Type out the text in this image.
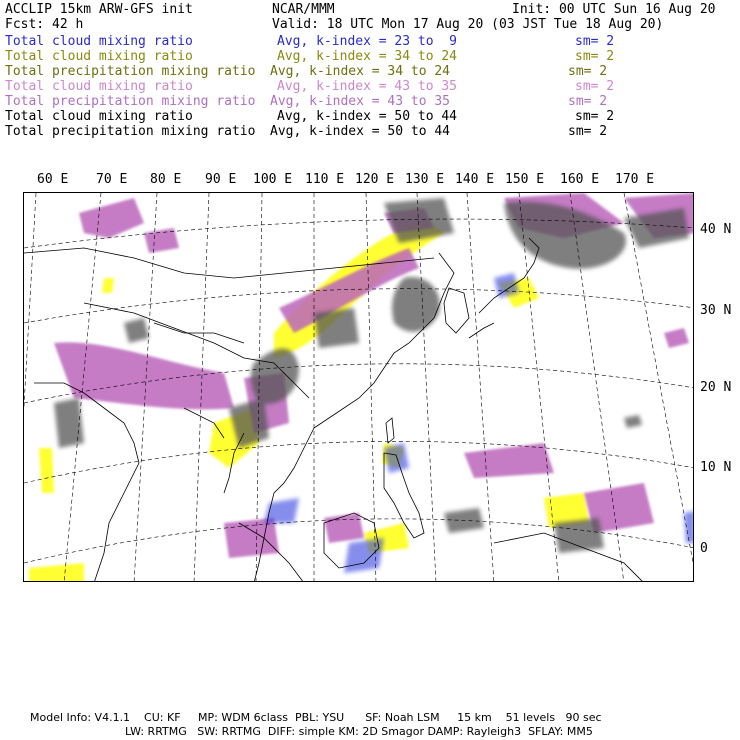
ACCLIP 15km ARW-GFS init	NCAR/MMM	Init: 00 UTC Sun 16 Aug 20
Fcst: 42 h	Valid: 18 UTC Mon 17 Aug 20 (03 JST Tue 18 Aug 20)
Total cloud mixing ratio	Avg, k-index = 23 to  9	sm= 2
Total cloud mixing ratio	Avg, k-index = 34 to 24	sm= 2
Total precipitation mixing ratio Avg, k-index = 34 to 24	sm= 2
Total cloud mixing ratio	Avg, k-index = 43 to 35	sm= 2
Total precipitation mixing ratio Avg, k-index = 43 to 35	sm= 2
Total cloud mixing ratio	Avg, k-index = 50 to 44	sm= 2
Total precipitation mixing ratio Avg, k-index = 50 to 44	sm= 2
60 E 70 E 80 E 90 E 100 E 110 E 120 E 130 E 140 E 150 E 160 E 170 E
40 N
30 N
20 N
10 N
0
Model Info: V4.1.1    CU: KF     MP: WDM 6class  PBL: YSU      SF: Noah LSM     15 km    51 levels   90 sec
LW: RRTMG   SW: RRTMG  DIFF: simple KM: 2D Smagor DAMP: Rayleigh3  SFLAY: MM5
